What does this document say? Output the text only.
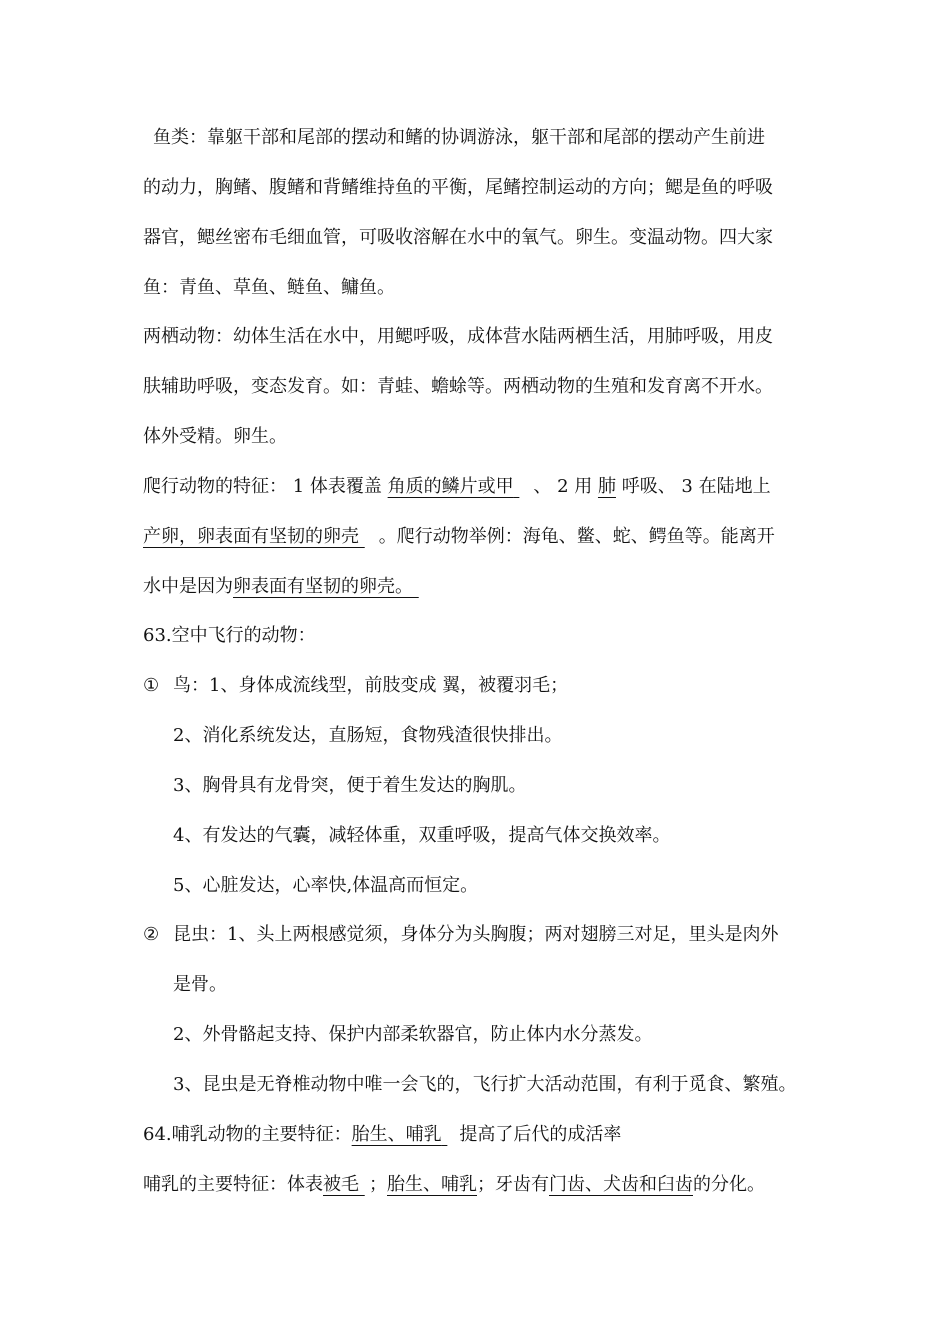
鱼类：靠躯干部和尾部的摆动和鳍的协调游泳，躯干部和尾部的摆动产生前进
的动力，胸鳍、腹鳍和背鳍维持鱼的平衡，尾鳍控制运动的方向；鳃是鱼的呼吸
器官，鳃丝密布毛细血管，可吸收溶解在水中的氧气。卵生。变温动物。四大家
鱼：青鱼、草鱼、鲢鱼、鳙鱼。
两栖动物：幼体生活在水中，用鳃呼吸，成体营水陆两栖生活，用肺呼吸，用皮
肤辅助呼吸，变态发育。如：青蛙、蟾蜍等。两栖动物的生殖和发育离不开水。
体外受精。卵生。
爬行动物的特征： 1 体表覆盖 角质的鳞片或甲  、 2 用 肺 呼吸、 3 在陆地上
产卵，卵表面有坚韧的卵壳  。爬行动物举例：海龟、鳖、蛇、鳄鱼等。能离开
水中是因为卵表面有坚韧的卵壳。
63.空中飞行的动物：
① 鸟：1、身体成流线型，前肢变成 翼，被覆羽毛；
2、消化系统发达，直肠短，食物残渣很快排出。
3、胸骨具有龙骨突，便于着生发达的胸肌。
4、有发达的气囊，减轻体重，双重呼吸，提高气体交换效率。
5、心脏发达，心率快,体温高而恒定。
② 昆虫：1、头上两根感觉须，身体分为头胸腹；两对翅膀三对足，里头是肉外
是骨。
2、外骨骼起支持、保护内部柔软器官，防止体内水分蒸发。
3、昆虫是无脊椎动物中唯一会飞的，飞行扩大活动范围，有利于觅食、繁殖。
64.哺乳动物的主要特征：胎生、哺乳  提高了后代的成活率
哺乳的主要特征：体表被毛 ；胎生、哺乳；牙齿有门齿、犬齿和臼齿的分化。
